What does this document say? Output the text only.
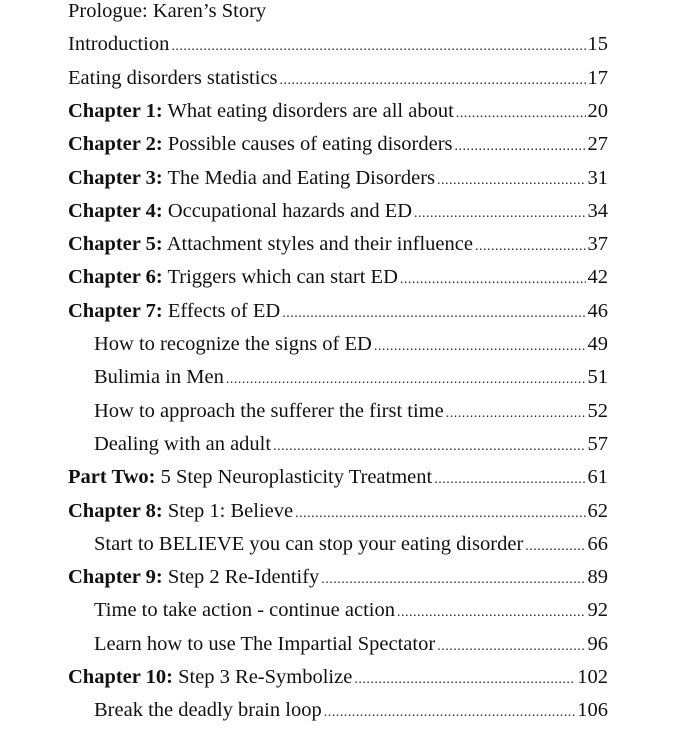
Prologue: Karen’s Story
Introduction .....	15
Eating disorders statistics .....	17
Chapter 1: What eating disorders are all about .....	20
Chapter 2: Possible causes of eating disorders .....	27
Chapter 3: The Media and Eating Disorders .....	31
Chapter 4: Occupational hazards and ED .....	34
Chapter 5: Attachment styles and their influence .....	37
Chapter 6: Triggers which can start ED .....	42
Chapter 7: Effects of ED .....	46
How to recognize the signs of ED .....	49
Bulimia in Men .....	51
How to approach the sufferer the first time .....	52
Dealing with an adult .....	57
Part Two: 5 Step Neuroplasticity Treatment .....	61
Chapter 8: Step 1: Believe .....	62
Start to BELIEVE you can stop your eating disorder .....	66
Chapter 9: Step 2 Re-Identify .....	89
Time to take action - continue action .....	92
Learn how to use The Impartial Spectator .....	96
Chapter 10: Step 3 Re-Symbolize .....	102
Break the deadly brain loop .....	106
